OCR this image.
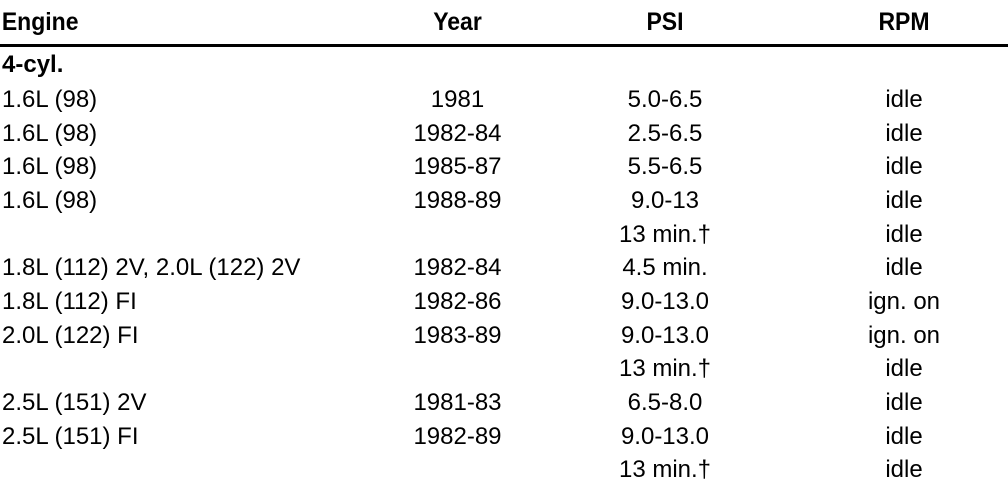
Engine	Year	PSI	RPM
4-cyl.			
1.6L (98)	1981	5.0-6.5	idle
1.6L (98)	1982-84	2.5-6.5	idle
1.6L (98)	1985-87	5.5-6.5	idle
1.6L (98)	1988-89	9.0-13	idle
		13 min.†	idle
1.8L (112) 2V, 2.0L (122) 2V	1982-84	4.5 min.	idle
1.8L (112) FI	1982-86	9.0-13.0	ign. on
2.0L (122) FI	1983-89	9.0-13.0	ign. on
		13 min.†	idle
2.5L (151) 2V	1981-83	6.5-8.0	idle
2.5L (151) FI	1982-89	9.0-13.0	idle
		13 min.†	idle
